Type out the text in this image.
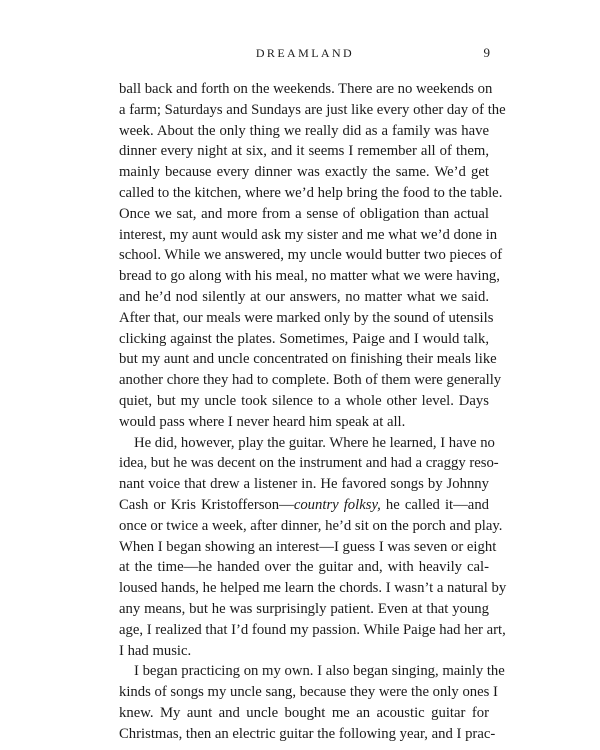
DREAMLAND	9

ball back and forth on the weekends. There are no weekends on
a farm; Saturdays and Sundays are just like every other day of the
week. About the only thing we really did as a family was have
dinner every night at six, and it seems I remember all of them,
mainly because every dinner was exactly the same. We’d get
called to the kitchen, where we’d help bring the food to the table.
Once we sat, and more from a sense of obligation than actual
interest, my aunt would ask my sister and me what we’d done in
school. While we answered, my uncle would butter two pieces of
bread to go along with his meal, no matter what we were having,
and he’d nod silently at our answers, no matter what we said.
After that, our meals were marked only by the sound of utensils
clicking against the plates. Sometimes, Paige and I would talk,
but my aunt and uncle concentrated on finishing their meals like
another chore they had to complete. Both of them were generally
quiet, but my uncle took silence to a whole other level. Days
would pass where I never heard him speak at all.

He did, however, play the guitar. Where he learned, I have no
idea, but he was decent on the instrument and had a craggy reso-
nant voice that drew a listener in. He favored songs by Johnny
Cash or Kris Kristofferson—country folksy, he called it—and
once or twice a week, after dinner, he’d sit on the porch and play.
When I began showing an interest—I guess I was seven or eight
at the time—he handed over the guitar and, with heavily cal-
loused hands, he helped me learn the chords. I wasn’t a natural by
any means, but he was surprisingly patient. Even at that young
age, I realized that I’d found my passion. While Paige had her art,
I had music.

I began practicing on my own. I also began singing, mainly the
kinds of songs my uncle sang, because they were the only ones I
knew. My aunt and uncle bought me an acoustic guitar for
Christmas, then an electric guitar the following year, and I prac-
